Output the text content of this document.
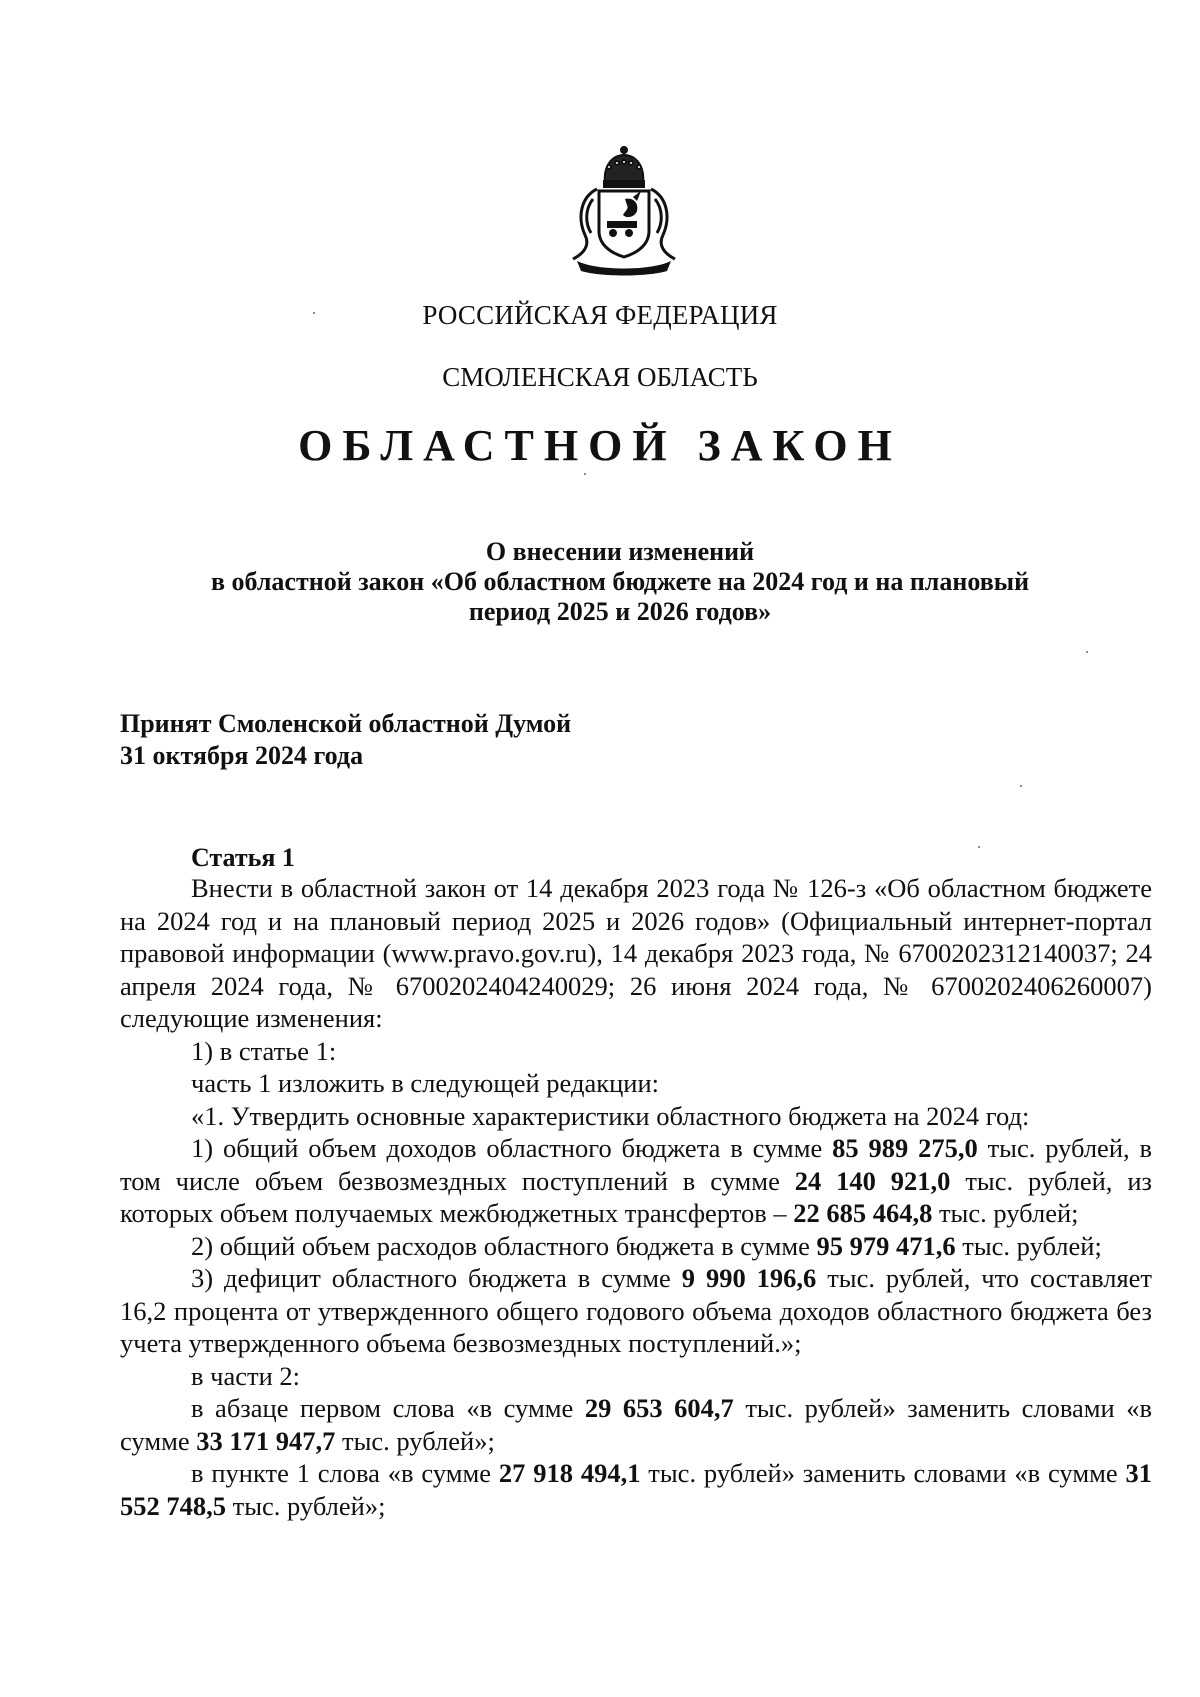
РОССИЙСКАЯ ФЕДЕРАЦИЯ
СМОЛЕНСКАЯ ОБЛАСТЬ
ОБЛАСТНОЙ ЗАКОН
О внесении изменений
в областной закон «Об областном бюджете на 2024 год и на плановый
период 2025 и 2026 годов»
Принят Смоленской областной Думой
31 октября 2024 года
Статья 1

Внести в областной закон от 14 декабря 2023 года № 126-з «Об областном бюджете на 2024 год и на плановый период 2025 и 2026 годов» (Официальный интернет-портал правовой информации (www.pravo.gov.ru), 14 декабря 2023 года, № 6700202312140037; 24 апреля 2024 года, № 6700202404240029; 26 июня 2024 года, № 6700202406260007) следующие изменения:

1) в статье 1:

часть 1 изложить в следующей редакции:

«1. Утвердить основные характеристики областного бюджета на 2024 год:

1) общий объем доходов областного бюджета в сумме 85 989 275,0 тыс. рублей, в том числе объем безвозмездных поступлений в сумме 24 140 921,0 тыс. рублей, из которых объем получаемых межбюджетных трансфертов – 22 685 464,8 тыс. рублей;

2) общий объем расходов областного бюджета в сумме 95 979 471,6 тыс. рублей;

3) дефицит областного бюджета в сумме 9 990 196,6 тыс. рублей, что составляет 16,2 процента от утвержденного общего годового объема доходов областного бюджета без учета утвержденного объема безвозмездных поступлений.»;

в части 2:

в абзаце первом слова «в сумме 29 653 604,7 тыс. рублей» заменить словами «в сумме 33 171 947,7 тыс. рублей»;

в пункте 1 слова «в сумме 27 918 494,1 тыс. рублей» заменить словами «в сумме 31 552 748,5 тыс. рублей»;
